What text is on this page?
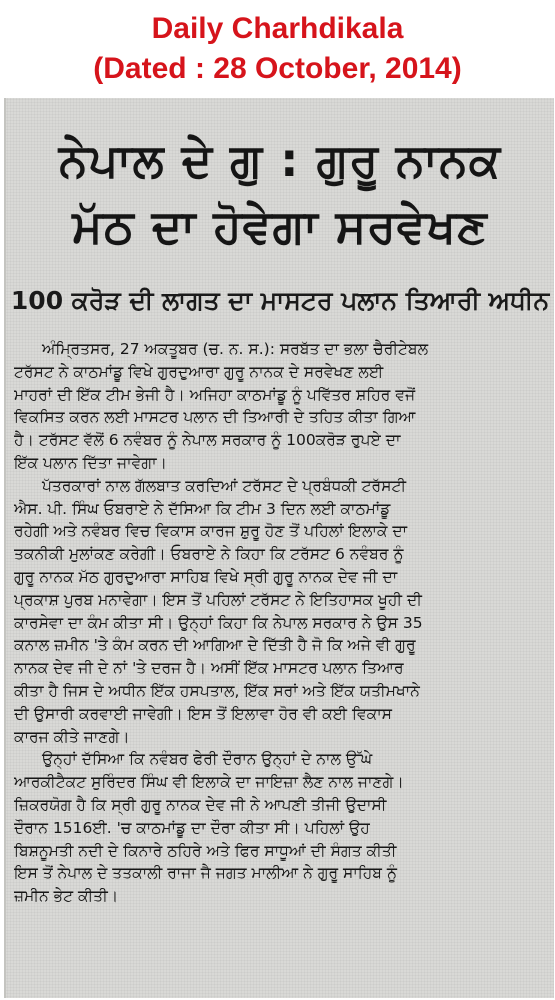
Daily Charhdikala
(Dated : 28 October, 2014)
ਨੇਪਾਲ ਦੇ ਗੁ : ਗੁਰੂ ਨਾਨਕ
ਮੱਠ ਦਾ ਹੋਵੇਗਾ ਸਰਵੇਖਣ
100 ਕਰੋੜ ਦੀ ਲਾਗਤ ਦਾ ਮਾਸਟਰ ਪਲਾਨ ਤਿਆਰੀ ਅਧੀਨ

ਅੰਮ੍ਰਿਤਸਰ, 27 ਅਕਤੂਬਰ (ਚ. ਨ. ਸ.): ਸਰਬੱਤ ਦਾ ਭਲਾ ਚੈਰੀਟੇਬਲ
ਟਰੱਸਟ ਨੇ ਕਾਠਮਾਂਡੂ ਵਿਖੇ ਗੁਰਦੁਆਰਾ ਗੁਰੂ ਨਾਨਕ ਦੇ ਸਰਵੇਖਣ ਲਈ
ਮਾਹਰਾਂ ਦੀ ਇੱਕ ਟੀਮ ਭੇਜੀ ਹੈ। ਅਜਿਹਾ ਕਾਠਮਾਂਡੂ ਨੂੰ ਪਵਿੱਤਰ ਸ਼ਹਿਰ ਵਜੋਂ
ਵਿਕਸਿਤ ਕਰਨ ਲਈ ਮਾਸਟਰ ਪਲਾਨ ਦੀ ਤਿਆਰੀ ਦੇ ਤਹਿਤ ਕੀਤਾ ਗਿਆ
ਹੈ। ਟਰੱਸਟ ਵੱਲੋਂ 6 ਨਵੰਬਰ ਨੂੰ ਨੇਪਾਲ ਸਰਕਾਰ ਨੂੰ 100ਕਰੋੜ ਰੁਪਏ ਦਾ
ਇੱਕ ਪਲਾਨ ਦਿੱਤਾ ਜਾਵੇਗਾ।

ਪੱਤਰਕਾਰਾਂ ਨਾਲ ਗੱਲਬਾਤ ਕਰਦਿਆਂ ਟਰੱਸਟ ਦੇ ਪ੍ਰਬੰਧਕੀ ਟਰੱਸਟੀ
ਐਸ. ਪੀ. ਸਿੰਘ ਓਬਰਾਏ ਨੇ ਦੱਸਿਆ ਕਿ ਟੀਮ 3 ਦਿਨ ਲਈ ਕਾਠਮਾਂਡੂ
ਰਹੇਗੀ ਅਤੇ ਨਵੰਬਰ ਵਿਚ ਵਿਕਾਸ ਕਾਰਜ ਸ਼ੁਰੂ ਹੋਣ ਤੋਂ ਪਹਿਲਾਂ ਇਲਾਕੇ ਦਾ
ਤਕਨੀਕੀ ਮੁਲਾਂਕਣ ਕਰੇਗੀ। ਓਬਰਾਏ ਨੇ ਕਿਹਾ ਕਿ ਟਰੱਸਟ 6 ਨਵੰਬਰ ਨੂੰ
ਗੁਰੂ ਨਾਨਕ ਮੱਠ ਗੁਰਦੁਆਰਾ ਸਾਹਿਬ ਵਿਖੇ ਸ੍ਰੀ ਗੁਰੂ ਨਾਨਕ ਦੇਵ ਜੀ ਦਾ
ਪ੍ਰਕਾਸ਼ ਪੁਰਬ ਮਨਾਵੇਗਾ। ਇਸ ਤੋਂ ਪਹਿਲਾਂ ਟਰੱਸਟ ਨੇ ਇਤਿਹਾਸਕ ਖੂਹੀ ਦੀ
ਕਾਰਸੇਵਾ ਦਾ ਕੰਮ ਕੀਤਾ ਸੀ। ਉਨ੍ਹਾਂ ਕਿਹਾ ਕਿ ਨੇਪਾਲ ਸਰਕਾਰ ਨੇ ਉਸ 35
ਕਨਾਲ ਜ਼ਮੀਨ 'ਤੇ ਕੰਮ ਕਰਨ ਦੀ ਆਗਿਆ ਦੇ ਦਿੱਤੀ ਹੈ ਜੋ ਕਿ ਅਜੇ ਵੀ ਗੁਰੂ
ਨਾਨਕ ਦੇਵ ਜੀ ਦੇ ਨਾਂ 'ਤੇ ਦਰਜ ਹੈ। ਅਸੀਂ ਇੱਕ ਮਾਸਟਰ ਪਲਾਨ ਤਿਆਰ
ਕੀਤਾ ਹੈ ਜਿਸ ਦੇ ਅਧੀਨ ਇੱਕ ਹਸਪਤਾਲ, ਇੱਕ ਸਰਾਂ ਅਤੇ ਇੱਕ ਯਤੀਮਖਾਨੇ
ਦੀ ਉਸਾਰੀ ਕਰਵਾਈ ਜਾਵੇਗੀ। ਇਸ ਤੋਂ ਇਲਾਵਾ ਹੋਰ ਵੀ ਕਈ ਵਿਕਾਸ
ਕਾਰਜ ਕੀਤੇ ਜਾਣਗੇ।

ਉਨ੍ਹਾਂ ਦੱਸਿਆ ਕਿ ਨਵੰਬਰ ਫੇਰੀ ਦੌਰਾਨ ਉਨ੍ਹਾਂ ਦੇ ਨਾਲ ਉੱਘੇ
ਆਰਕੀਟੈਕਟ ਸੁਰਿੰਦਰ ਸਿੰਘ ਵੀ ਇਲਾਕੇ ਦਾ ਜਾਇਜ਼ਾ ਲੈਣ ਨਾਲ ਜਾਣਗੇ।
ਜ਼ਿਕਰਯੋਗ ਹੈ ਕਿ ਸ੍ਰੀ ਗੁਰੂ ਨਾਨਕ ਦੇਵ ਜੀ ਨੇ ਆਪਣੀ ਤੀਜੀ ਉਦਾਸੀ
ਦੌਰਾਨ 1516ਈ. 'ਚ ਕਾਠਮਾਂਡੂ ਦਾ ਦੌਰਾ ਕੀਤਾ ਸੀ। ਪਹਿਲਾਂ ਉਹ
ਬਿਸ਼ਨੂਮਤੀ ਨਦੀ ਦੇ ਕਿਨਾਰੇ ਠਹਿਰੇ ਅਤੇ ਫਿਰ ਸਾਧੂਆਂ ਦੀ ਸੰਗਤ ਕੀਤੀ
ਇਸ ਤੋਂ ਨੇਪਾਲ ਦੇ ਤਤਕਾਲੀ ਰਾਜਾ ਜੈ ਜਗਤ ਮਾਲੀਆ ਨੇ ਗੁਰੂ ਸਾਹਿਬ ਨੂੰ
ਜ਼ਮੀਨ ਭੇਟ ਕੀਤੀ।
